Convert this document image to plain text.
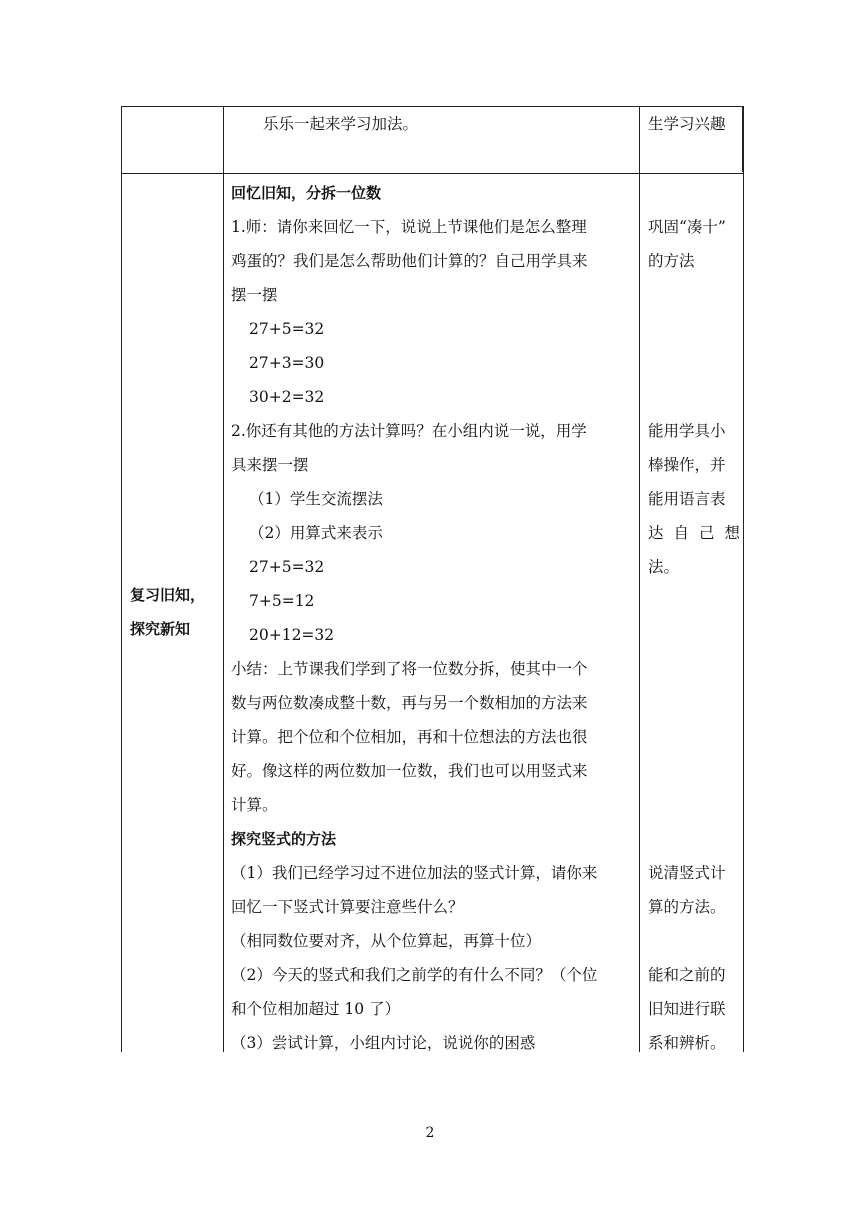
乐乐一起来学习加法。	生学习兴趣
复习旧知，
探究新知
回忆旧知，分拆一位数
1.师：请你来回忆一下，说说上节课他们是怎么整理
鸡蛋的？我们是怎么帮助他们计算的？自己用学具来
摆一摆
27+5=32
27+3=30
30+2=32
2.你还有其他的方法计算吗？在小组内说一说，用学
具来摆一摆
（1）学生交流摆法
（2）用算式来表示
27+5=32
7+5=12
20+12=32
小结：上节课我们学到了将一位数分拆，使其中一个
数与两位数凑成整十数，再与另一个数相加的方法来
计算。把个位和个位相加，再和十位想法的方法也很
好。像这样的两位数加一位数，我们也可以用竖式来
计算。
探究竖式的方法
（1）我们已经学习过不进位加法的竖式计算，请你来
回忆一下竖式计算要注意些什么？
（相同数位要对齐，从个位算起，再算十位）
（2）今天的竖式和我们之前学的有什么不同？（个位
和个位相加超过 10 了）
（3）尝试计算，小组内讨论，说说你的困惑
巩固“凑十”
的方法
能用学具小
棒操作，并
能用语言表
达 自 己 想
法。
说清竖式计
算的方法。
能和之前的
旧知进行联
系和辨析。
2
